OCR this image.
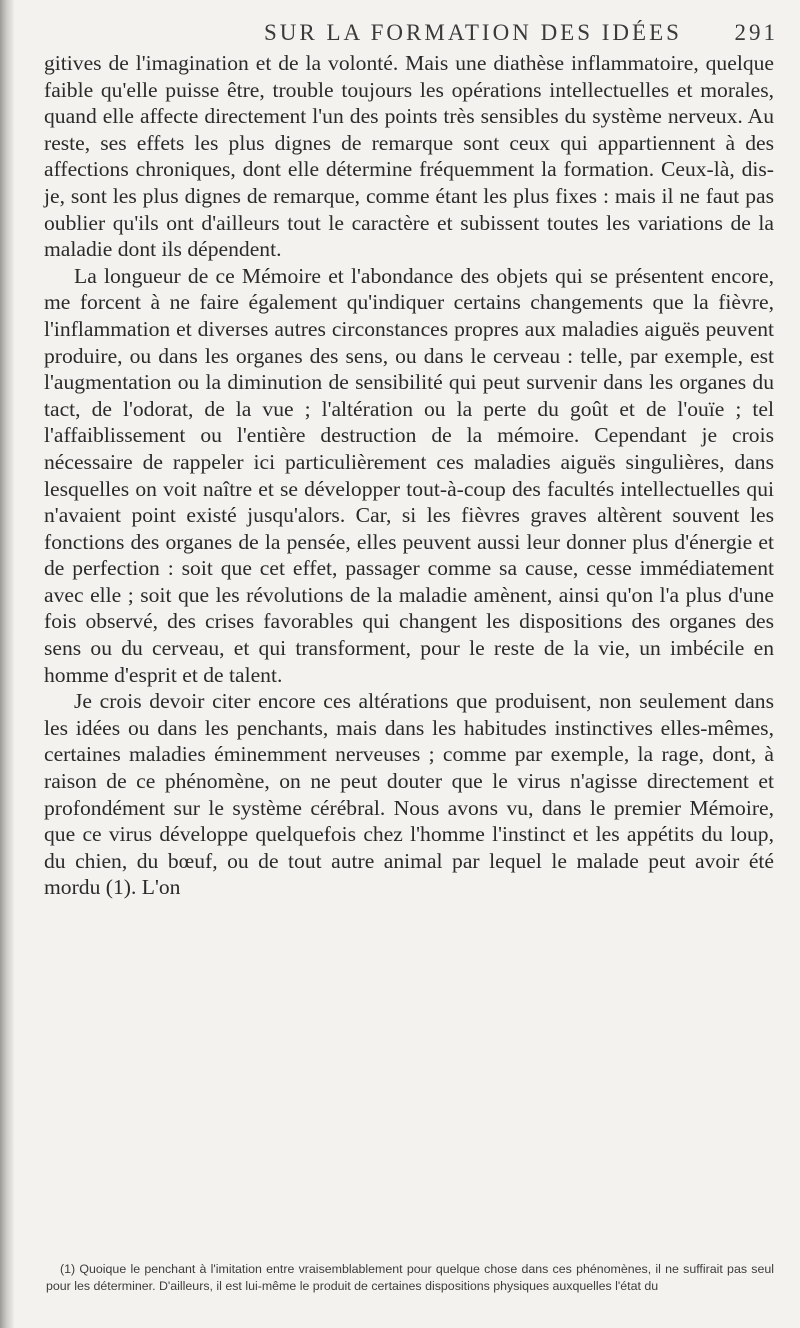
SUR LA FORMATION DES IDÉES 291

gitives de l'imagination et de la volonté. Mais une diathèse inflammatoire, quelque faible qu'elle puisse être, trouble toujours les opérations intellectuelles et morales, quand elle affecte directement l'un des points très sensibles du système nerveux. Au reste, ses effets les plus dignes de remarque sont ceux qui appartiennent à des affections chroniques, dont elle détermine fréquemment la formation. Ceux-là, dis-je, sont les plus dignes de remarque, comme étant les plus fixes : mais il ne faut pas oublier qu'ils ont d'ailleurs tout le caractère et subissent toutes les variations de la maladie dont ils dépendent.

La longueur de ce Mémoire et l'abondance des objets qui se présentent encore, me forcent à ne faire également qu'indiquer certains changements que la fièvre, l'inflammation et diverses autres circonstances propres aux maladies aiguës peuvent produire, ou dans les organes des sens, ou dans le cerveau : telle, par exemple, est l'augmentation ou la diminution de sensibilité qui peut survenir dans les organes du tact, de l'odorat, de la vue ; l'altération ou la perte du goût et de l'ouïe ; tel l'affaiblissement ou l'entière destruction de la mémoire. Cependant je crois nécessaire de rappeler ici particulièrement ces maladies aiguës singulières, dans lesquelles on voit naître et se développer tout-à-coup des facultés intellectuelles qui n'avaient point existé jusqu'alors. Car, si les fièvres graves altèrent souvent les fonctions des organes de la pensée, elles peuvent aussi leur donner plus d'énergie et de perfection : soit que cet effet, passager comme sa cause, cesse immédiatement avec elle ; soit que les révolutions de la maladie amènent, ainsi qu'on l'a plus d'une fois observé, des crises favorables qui changent les dispositions des organes des sens ou du cerveau, et qui transforment, pour le reste de la vie, un imbécile en homme d'esprit et de talent.

Je crois devoir citer encore ces altérations que produisent, non seulement dans les idées ou dans les penchants, mais dans les habitudes instinctives elles-mêmes, certaines maladies éminemment nerveuses ; comme par exemple, la rage, dont, à raison de ce phénomène, on ne peut douter que le virus n'agisse directement et profondément sur le système cérébral. Nous avons vu, dans le premier Mémoire, que ce virus développe quelquefois chez l'homme l'instinct et les appétits du loup, du chien, du bœuf, ou de tout autre animal par lequel le malade peut avoir été mordu (1). L'on

(1) Quoique le penchant à l'imitation entre vraisemblablement pour quelque chose dans ces phénomènes, il ne suffirait pas seul pour les déterminer. D'ailleurs, il est lui-même le produit de certaines dispositions physiques auxquelles l'état du
